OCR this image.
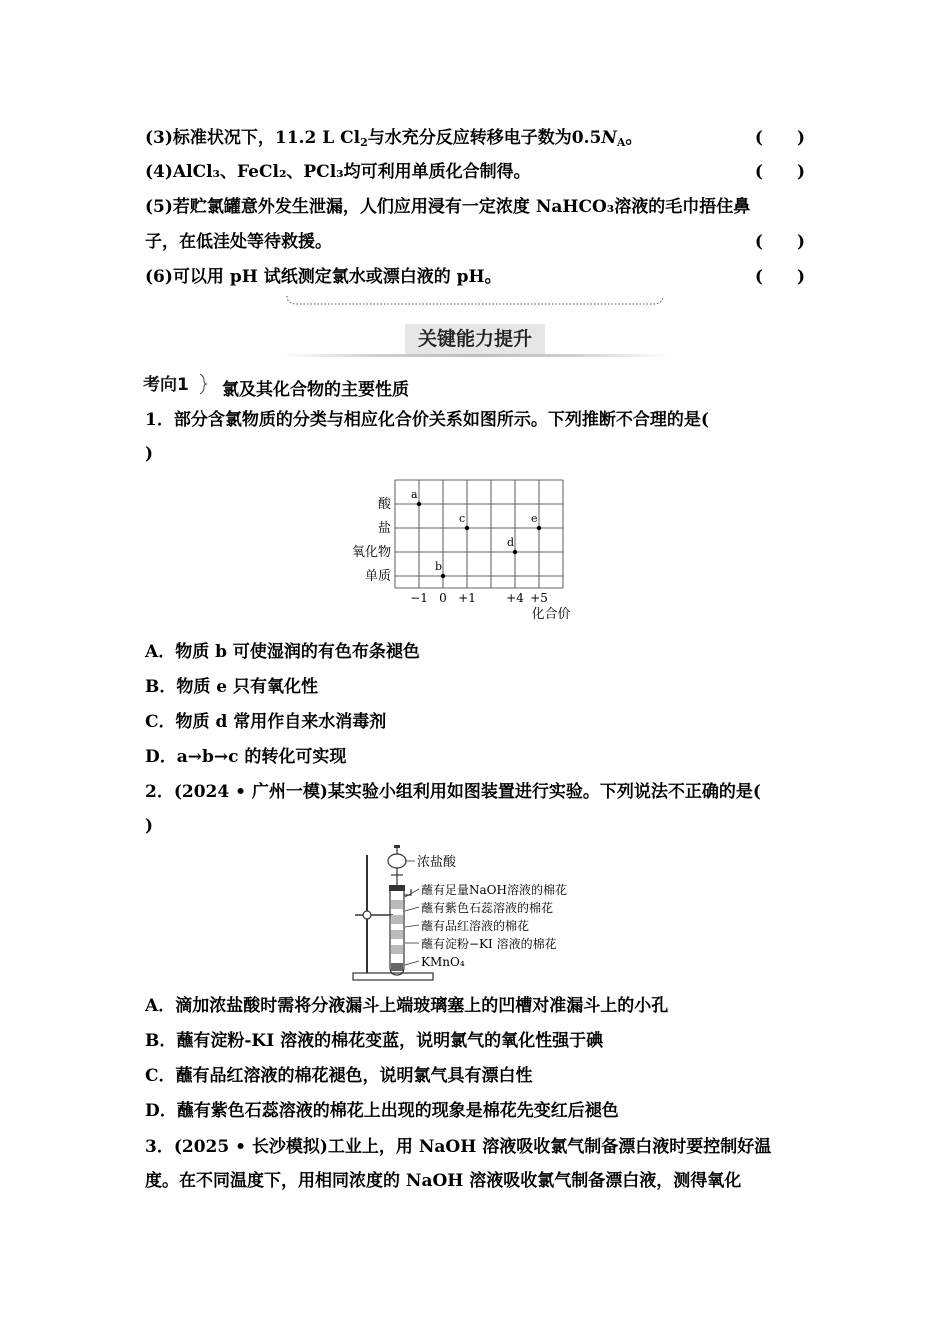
(3)标准状况下，11.2 L $Cl_2$与水充分反应转移电子数为$0.5N_A$。	(　　)
(4)AlCl₃、FeCl₂、PCl₃均可利用单质化合制得。	(　　)
(5)若贮氯罐意外发生泄漏，人们应用浸有一定浓度 NaHCO₃溶液的毛巾捂住鼻
子，在低洼处等待救援。	(　　)
(6)可以用 pH 试纸测定氯水或漂白液的 pH。	(　　)
关键能力提升
考向1	氯及其化合物的主要性质
1．部分含氯物质的分类与相应化合价关系如图所示。下列推断不合理的是(
)
酸
盐
氧化物
单质
−1 0 +1	+4 +5
化合价
a
b
c
d
e
A．物质 b 可使湿润的有色布条褪色
B．物质 e 只有氧化性
C．物质 d 常用作自来水消毒剂
D．a→b→c 的转化可实现
2．(2024 • 广州一模)某实验小组利用如图装置进行实验。下列说法不正确的是(
)
浓盐酸
蘸有足量NaOH溶液的棉花
蘸有紫色石蕊溶液的棉花
蘸有品红溶液的棉花
蘸有淀粉−KI 溶液的棉花
KMnO₄
A．滴加浓盐酸时需将分液漏斗上端玻璃塞上的凹槽对准漏斗上的小孔
B．蘸有淀粉-KI 溶液的棉花变蓝，说明氯气的氧化性强于碘
C．蘸有品红溶液的棉花褪色，说明氯气具有漂白性
D．蘸有紫色石蕊溶液的棉花上出现的现象是棉花先变红后褪色
3．(2025 • 长沙模拟)工业上，用 NaOH 溶液吸收氯气制备漂白液时要控制好温
度。在不同温度下，用相同浓度的 NaOH 溶液吸收氯气制备漂白液，测得氧化
